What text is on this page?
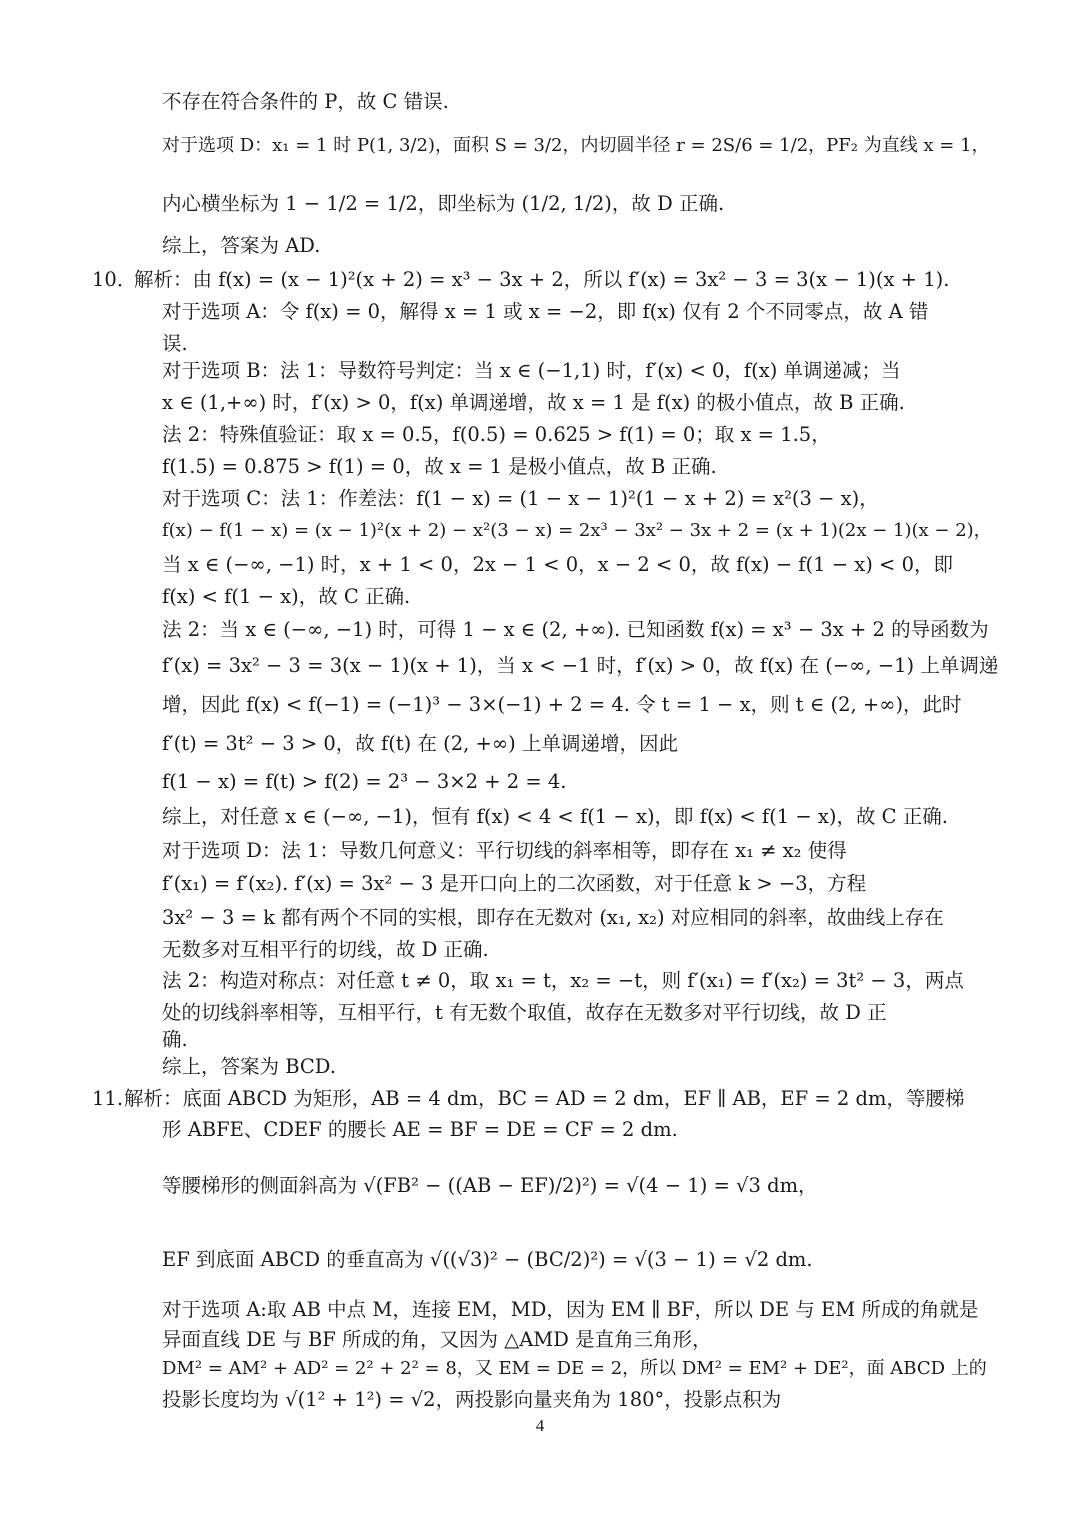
不存在符合条件的 P，故 C 错误.
对于选项 D：x₁ = 1 时 P(1, 3/2)，面积 S = 3/2，内切圆半径 r = 2S/6 = 1/2，PF₂ 为直线 x = 1，
内心横坐标为 1 − 1/2 = 1/2，即坐标为 (1/2, 1/2)，故 D 正确.
综上，答案为 AD.
10．
解析：由 f(x) = (x − 1)²(x + 2) = x³ − 3x + 2，所以 f′(x) = 3x² − 3 = 3(x − 1)(x + 1).
对于选项 A：令 f(x) = 0，解得 x = 1 或 x = −2，即 f(x) 仅有 2 个不同零点，故 A 错
误.
对于选项 B：法 1：导数符号判定：当 x ∈ (−1,1) 时，f′(x) < 0，f(x) 单调递减；当
x ∈ (1,+∞) 时，f′(x) > 0，f(x) 单调递增，故 x = 1 是 f(x) 的极小值点，故 B 正确.
法 2：特殊值验证：取 x = 0.5，f(0.5) = 0.625 > f(1) = 0；取 x = 1.5，
f(1.5) = 0.875 > f(1) = 0，故 x = 1 是极小值点，故 B 正确.
对于选项 C：法 1：作差法：f(1 − x) = (1 − x − 1)²(1 − x + 2) = x²(3 − x)，
f(x) − f(1 − x) = (x − 1)²(x + 2) − x²(3 − x) = 2x³ − 3x² − 3x + 2 = (x + 1)(2x − 1)(x − 2)，
当 x ∈ (−∞, −1) 时，x + 1 < 0，2x − 1 < 0，x − 2 < 0，故 f(x) − f(1 − x) < 0，即
f(x) < f(1 − x)，故 C 正确.
法 2：当 x ∈ (−∞, −1) 时，可得 1 − x ∈ (2, +∞). 已知函数 f(x) = x³ − 3x + 2 的导函数为
f′(x) = 3x² − 3 = 3(x − 1)(x + 1)，当 x < −1 时，f′(x) > 0，故 f(x) 在 (−∞, −1) 上单调递
增，因此 f(x) < f(−1) = (−1)³ − 3×(−1) + 2 = 4. 令 t = 1 − x，则 t ∈ (2, +∞)，此时
f′(t) = 3t² − 3 > 0，故 f(t) 在 (2, +∞) 上单调递增，因此
f(1 − x) = f(t) > f(2) = 2³ − 3×2 + 2 = 4.
综上，对任意 x ∈ (−∞, −1)，恒有 f(x) < 4 < f(1 − x)，即 f(x) < f(1 − x)，故 C 正确.
对于选项 D：法 1：导数几何意义：平行切线的斜率相等，即存在 x₁ ≠ x₂ 使得
f′(x₁) = f′(x₂). f′(x) = 3x² − 3 是开口向上的二次函数，对于任意 k > −3，方程
3x² − 3 = k 都有两个不同的实根，即存在无数对 (x₁, x₂) 对应相同的斜率，故曲线上存在
无数多对互相平行的切线，故 D 正确.
法 2：构造对称点：对任意 t ≠ 0，取 x₁ = t，x₂ = −t，则 f′(x₁) = f′(x₂) = 3t² − 3，两点
处的切线斜率相等，互相平行，t 有无数个取值，故存在无数多对平行切线，故 D 正
确.
综上，答案为 BCD.
11. 解析：底面 ABCD 为矩形，AB = 4 dm，BC = AD = 2 dm，EF ∥ AB，EF = 2 dm，等腰梯
形 ABFE、CDEF 的腰长 AE = BF = DE = CF = 2 dm.
等腰梯形的侧面斜高为 √(FB² − ((AB − EF)/2)²) = √(4 − 1) = √3 dm，
EF 到底面 ABCD 的垂直高为 √((√3)² − (BC/2)²) = √(3 − 1) = √2 dm.
对于选项 A:取 AB 中点 M，连接 EM，MD，因为 EM ∥ BF，所以 DE 与 EM 所成的角就是
异面直线 DE 与 BF 所成的角，又因为 △AMD 是直角三角形，
DM² = AM² + AD² = 2² + 2² = 8，又 EM = DE = 2，所以 DM² = EM² + DE²，面 ABCD 上的
投影长度均为 √(1² + 1²) = √2，两投影向量夹角为 180°，投影点积为
4
